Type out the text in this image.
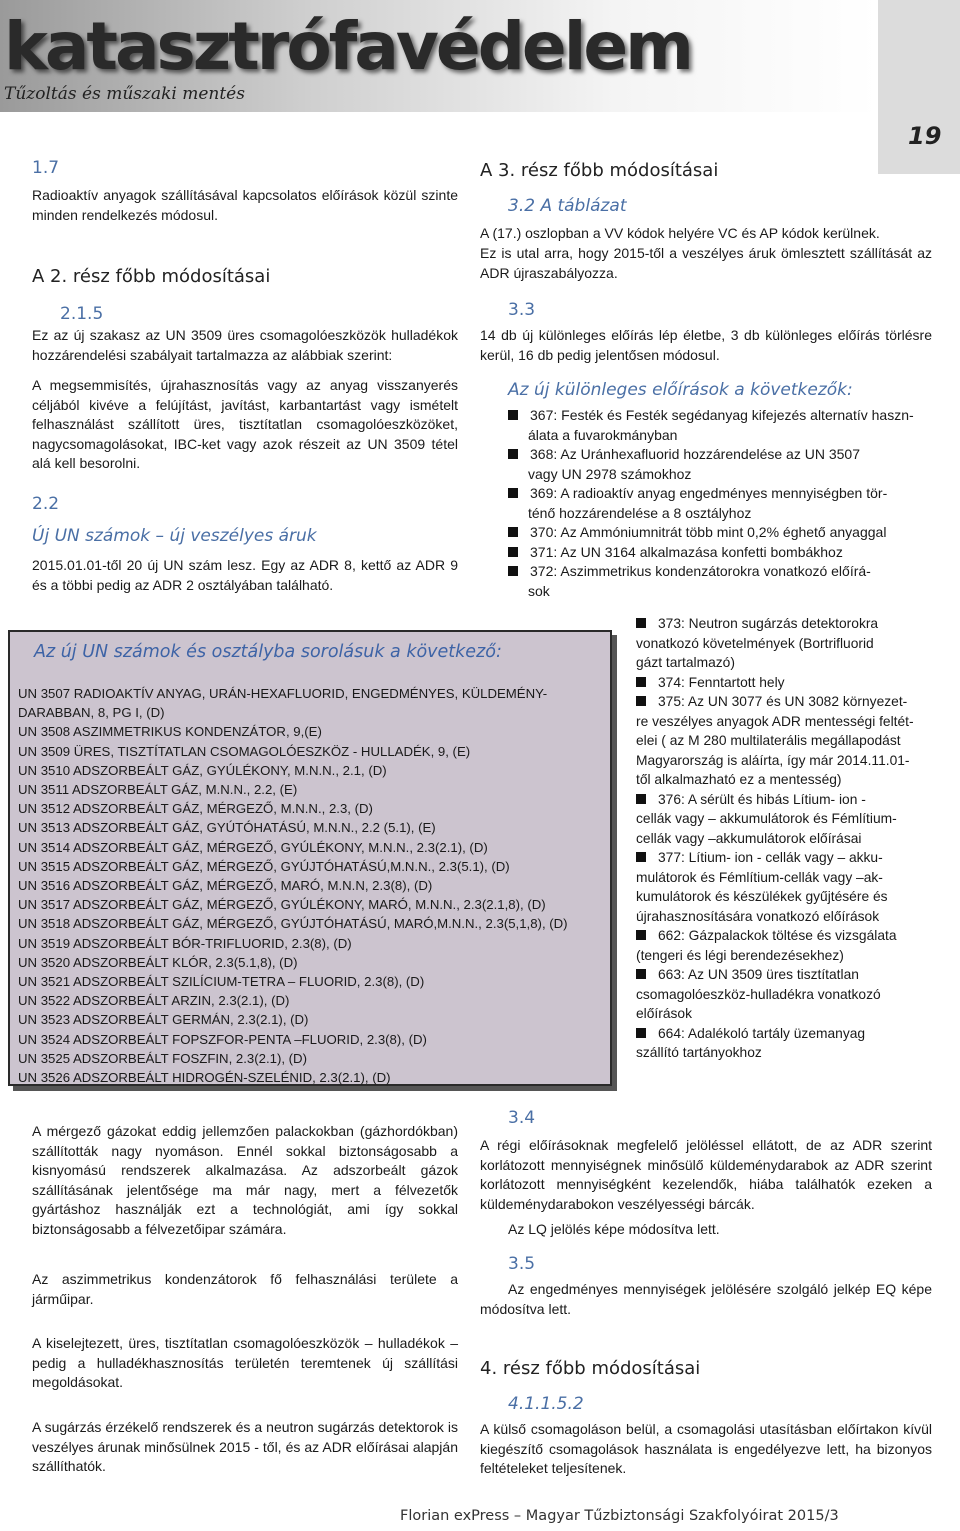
katasztrófavédelem
Tűzoltás és műszaki mentés
19
1.7
Radioaktív anyagok szállításával kapcsolatos előírások közül szinte minden rendelkezés módosul.
A 2. rész főbb módosításai
2.1.5
Ez az új szakasz az UN 3509 üres csomagolóeszközök hulladékok hozzárendelési szabályait tartalmazza az alábbiak szerint:
A megsemmisítés, újrahasznosítás vagy az anyag visszanyerés céljából kivéve a felújítást, javítást, karbantartást vagy ismételt felhasználást szállított üres, tisztítatlan csomagolóeszközöket, nagycsomagolásokat, IBC-ket vagy azok részeit az UN 3509 tétel alá kell besorolni.
2.2
Új UN számok – új veszélyes áruk
2015.01.01-től 20 új UN szám lesz. Egy az ADR 8, kettő az ADR 9 és a többi pedig az ADR 2 osztályában található.
Az új UN számok és osztályba sorolásuk a következő:
UN 3507 RADIOAKTÍV ANYAG, URÁN-HEXAFLUORID, ENGEDMÉNYES, KÜLDEMÉNY-
DARABBAN, 8, PG I, (D)
UN 3508 ASZIMMETRIKUS KONDENZÁTOR, 9,(E)
UN 3509 ÜRES, TISZTÍTATLAN CSOMAGOLÓESZKÖZ - HULLADÉK, 9, (E)
UN 3510 ADSZORBEÁLT GÁZ, GYÚLÉKONY, M.N.N., 2.1, (D)
UN 3511 ADSZORBEÁLT GÁZ, M.N.N., 2.2, (E)
UN 3512 ADSZORBEÁLT GÁZ, MÉRGEZŐ, M.N.N., 2.3, (D)
UN 3513 ADSZORBEÁLT GÁZ, GYÚTÓHATÁSÚ, M.N.N., 2.2 (5.1), (E)
UN 3514 ADSZORBEÁLT GÁZ, MÉRGEZŐ, GYÚLÉKONY, M.N.N., 2.3(2.1), (D)
UN 3515 ADSZORBEÁLT GÁZ, MÉRGEZŐ, GYÚJTÓHATÁSÚ,M.N.N., 2.3(5.1), (D)
UN 3516 ADSZORBEÁLT GÁZ, MÉRGEZŐ, MARÓ, M.N.N, 2.3(8), (D)
UN 3517 ADSZORBEÁLT GÁZ, MÉRGEZŐ, GYÚLÉKONY, MARÓ, M.N.N., 2.3(2.1,8), (D)
UN 3518 ADSZORBEÁLT GÁZ, MÉRGEZŐ, GYÚJTÓHATÁSÚ, MARÓ,M.N.N., 2.3(5,1,8), (D)
UN 3519 ADSZORBEÁLT BÓR-TRIFLUORID, 2.3(8), (D)
UN 3520 ADSZORBEÁLT KLÓR, 2.3(5.1,8), (D)
UN 3521 ADSZORBEÁLT SZILÍCIUM-TETRA – FLUORID, 2.3(8), (D)
UN 3522 ADSZORBEÁLT ARZIN, 2.3(2.1), (D)
UN 3523 ADSZORBEÁLT GERMÁN, 2.3(2.1), (D)
UN 3524 ADSZORBEÁLT FOPSZFOR-PENTA –FLUORID, 2.3(8), (D)
UN 3525 ADSZORBEÁLT FOSZFIN, 2.3(2.1), (D)
UN 3526 ADSZORBEÁLT HIDROGÉN-SZELÉNID, 2.3(2.1), (D)
A mérgező gázokat eddig jellemzően palackokban (gázhordókban) szállították nagy nyomáson. Ennél sokkal biztonságosabb a kisnyomású rendszerek alkalmazása. Az adszorbeált gázok szállításának jelentősége ma már nagy, mert a félvezetők gyártáshoz használják ezt a technológiát, ami így sokkal biztonságosabb a félvezetőipar számára.
Az aszimmetrikus kondenzátorok fő felhasználási területe a járműipar.
A kiselejtezett, üres, tisztítatlan csomagolóeszközök – hulladékok – pedig a hulladékhasznosítás területén teremtenek új szállítási megoldásokat.
A sugárzás érzékelő rendszerek és a neutron sugárzás detektorok is veszélyes árunak minősülnek 2015 - től, és az ADR előírásai alapján szállíthatók.
A 3. rész főbb módosításai
3.2 A táblázat
A (17.) oszlopban a VV kódok helyére VC és AP kódok kerülnek.
Ez is utal arra, hogy 2015-től a veszélyes áruk ömlesztett szállítását az ADR újraszabályozza.
3.3
14 db új különleges előírás lép életbe, 3 db különleges előírás törlésre kerül, 16 db pedig jelentősen módosul.
Az új különleges előírások a következők:
367: Festék és Festék segédanyag kifejezés alternatív haszn-
álata a fuvarokmányban
368: Az Uránhexafluorid hozzárendelése az UN 3507
vagy UN 2978 számokhoz
369: A radioaktív anyag engedményes mennyiségben tör-
ténő hozzárendelése a 8 osztályhoz
370: Az Ammóniumnitrát több mint 0,2% éghető anyaggal
371: Az UN 3164 alkalmazása konfetti bombákhoz
372: Aszimmetrikus kondenzátorokra vonatkozó előírá-
sok
373: Neutron sugárzás detektorokra
vonatkozó követelmények (Bortrifluorid
gázt tartalmazó)
374: Fenntartott hely
375: Az UN 3077 és UN 3082 környezet-
re veszélyes anyagok ADR mentességi feltét-
elei ( az M 280 multilaterális megállapodást
Magyarország is aláírta, így már 2014.11.01-
től alkalmazható ez a mentesség)
376: A sérült és hibás Lítium- ion -
cellák vagy – akkumulátorok és Fémlítium-
cellák vagy –akkumulátorok előírásai
377: Lítium- ion - cellák vagy – akku-
mulátorok és Fémlítium-cellák vagy –ak-
kumulátorok és készülékek gyűjtésére és
újrahasznosítására vonatkozó előírások
662: Gázpalackok töltése és vizsgálata
(tengeri és légi berendezésekhez)
663: Az UN 3509 üres tisztítatlan
csomagolóeszköz-hulladékra vonatkozó
előírások
664: Adalékoló tartály üzemanyag
szállító tartányokhoz
3.4
A régi előírásoknak megfelelő jelöléssel ellátott, de az ADR szerint korlátozott mennyiségnek minősülő küldeménydarabok az ADR szerint korlátozott mennyiségként kezelendők, hiába találhatók ezeken a küldeménydarabokon veszélyességi bárcák.
Az LQ jelölés képe módosítva lett.
3.5
Az engedményes mennyiségek jelölésére szolgáló jelkép EQ képe módosítva lett.
4. rész főbb módosításai
4.1.1.5.2
A külső csomagoláson belül, a csomagolási utasításban előírtakon kívül kiegészítő csomagolások használata is engedélyezve lett, ha bizonyos feltételeket teljesítenek.
Florian exPress – Magyar Tűzbiztonsági Szakfolyóirat 2015/3
